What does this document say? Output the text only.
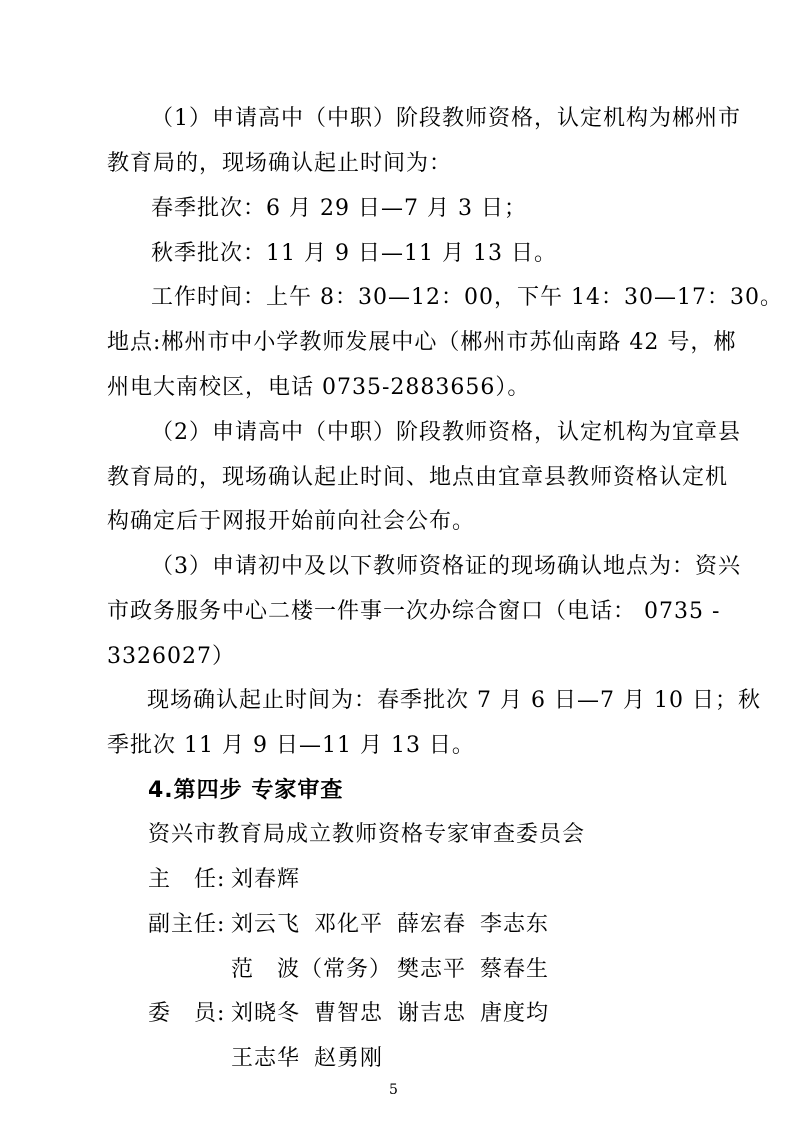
（1）申请高中（中职）阶段教师资格，认定机构为郴州市
教育局的，现场确认起止时间为：
春季批次：6 月 29 日—7 月 3 日；
秋季批次：11 月 9 日—11 月 13 日。
工作时间：上午 8：30—12：00，下午 14：30—17：30。
地点:郴州市中小学教师发展中心（郴州市苏仙南路 42 号，郴
州电大南校区，电话 0735-2883656）。
（2）申请高中（中职）阶段教师资格，认定机构为宜章县
教育局的，现场确认起止时间、地点由宜章县教师资格认定机
构确定后于网报开始前向社会公布。
（3）申请初中及以下教师资格证的现场确认地点为：资兴
市政务服务中心二楼一件事一次办综合窗口（电话： 0735 -
3326027）
现场确认起止时间为：春季批次 7 月 6 日—7 月 10 日；秋
季批次 11 月 9 日—11 月 13 日。
4.第四步 专家审查
资兴市教育局成立教师资格专家审查委员会
主　任: 刘春辉
副主任: 刘云飞 邓化平 薛宏春 李志东
范　波（常务） 樊志平 蔡春生
委　员: 刘晓冬 曹智忠 谢吉忠 唐度均
王志华 赵勇刚
5
